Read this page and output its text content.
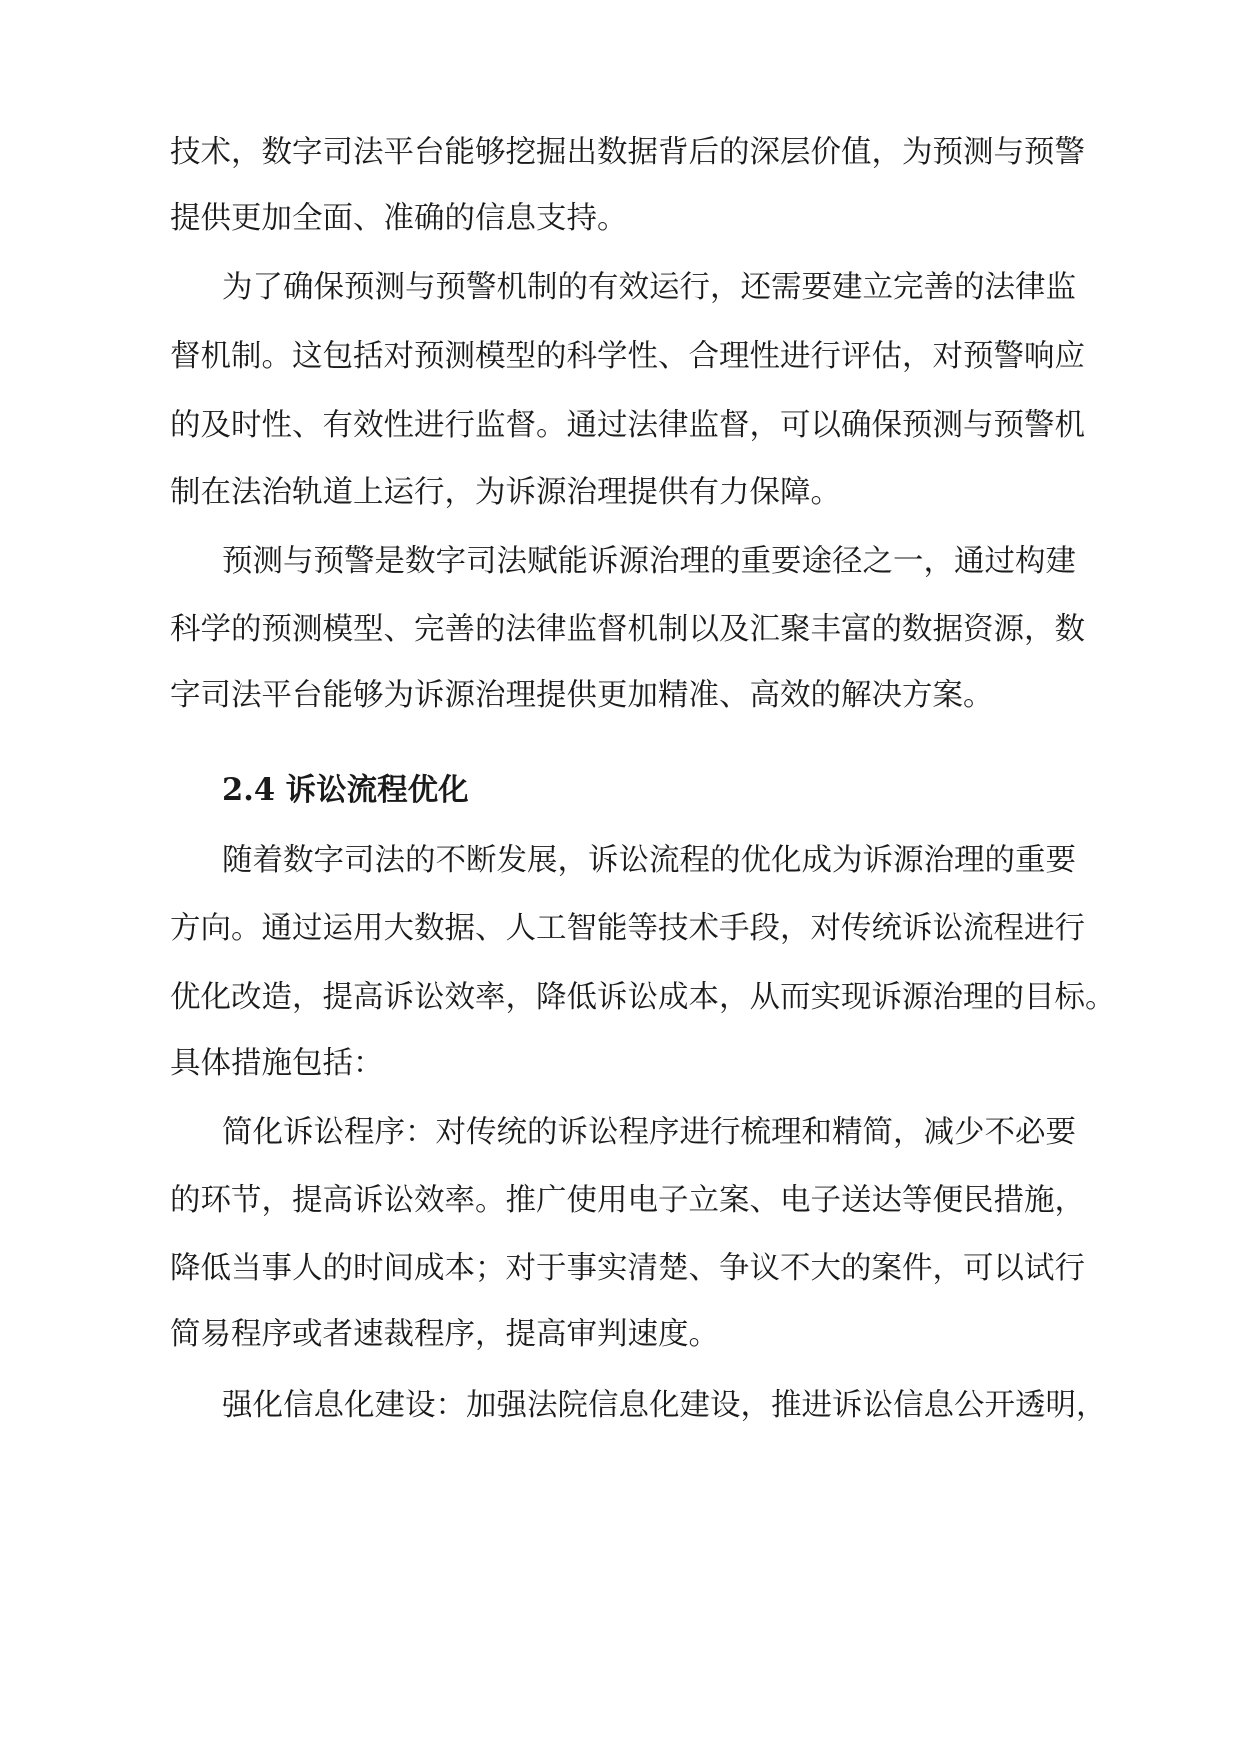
技术，数字司法平台能够挖掘出数据背后的深层价值，为预测与预警
提供更加全面、准确的信息支持。
为了确保预测与预警机制的有效运行，还需要建立完善的法律监
督机制。这包括对预测模型的科学性、合理性进行评估，对预警响应
的及时性、有效性进行监督。通过法律监督，可以确保预测与预警机
制在法治轨道上运行，为诉源治理提供有力保障。
预测与预警是数字司法赋能诉源治理的重要途径之一，通过构建
科学的预测模型、完善的法律监督机制以及汇聚丰富的数据资源，数
字司法平台能够为诉源治理提供更加精准、高效的解决方案。
2.4 诉讼流程优化
随着数字司法的不断发展，诉讼流程的优化成为诉源治理的重要
方向。通过运用大数据、人工智能等技术手段，对传统诉讼流程进行
优化改造，提高诉讼效率，降低诉讼成本，从而实现诉源治理的目标。
具体措施包括：
简化诉讼程序：对传统的诉讼程序进行梳理和精简，减少不必要
的环节，提高诉讼效率。推广使用电子立案、电子送达等便民措施，
降低当事人的时间成本；对于事实清楚、争议不大的案件，可以试行
简易程序或者速裁程序，提高审判速度。
强化信息化建设：加强法院信息化建设，推进诉讼信息公开透明，
